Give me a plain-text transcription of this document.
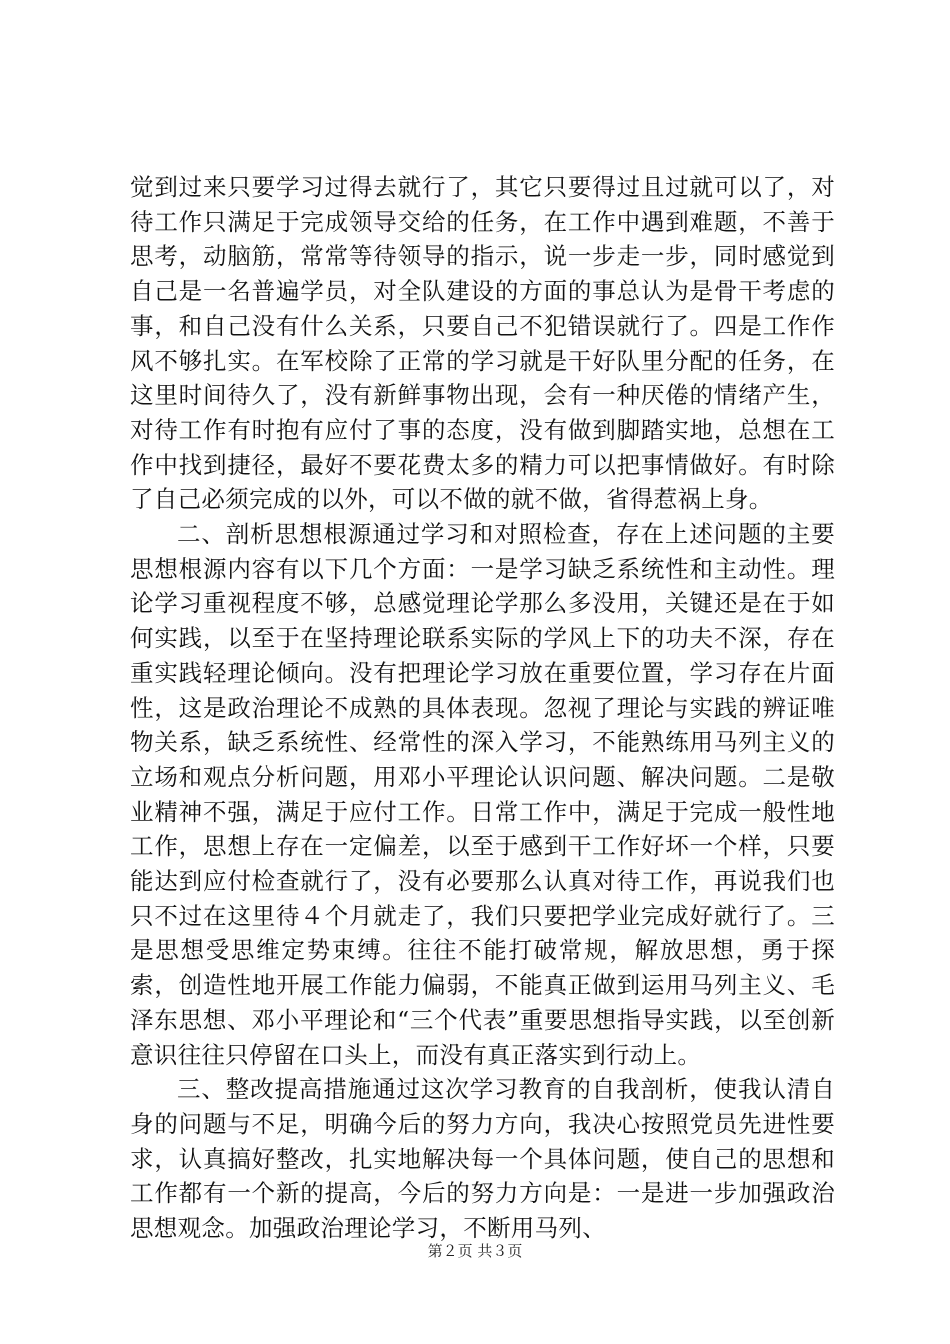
觉到过来只要学习过得去就行了，其它只要得过且过就可以了，对待工作只满足于完成领导交给的任务，在工作中遇到难题，不善于思考，动脑筋，常常等待领导的指示，说一步走一步，同时感觉到自己是一名普遍学员，对全队建设的方面的事总认为是骨干考虑的事，和自己没有什么关系，只要自己不犯错误就行了。四是工作作风不够扎实。在军校除了正常的学习就是干好队里分配的任务，在这里时间待久了，没有新鲜事物出现，会有一种厌倦的情绪产生，对待工作有时抱有应付了事的态度，没有做到脚踏实地，总想在工作中找到捷径，最好不要花费太多的精力可以把事情做好。有时除了自己必须完成的以外，可以不做的就不做，省得惹祸上身。

二、剖析思想根源通过学习和对照检查，存在上述问题的主要思想根源内容有以下几个方面：一是学习缺乏系统性和主动性。理论学习重视程度不够，总感觉理论学那么多没用，关键还是在于如何实践，以至于在坚持理论联系实际的学风上下的功夫不深，存在重实践轻理论倾向。没有把理论学习放在重要位置，学习存在片面性，这是政治理论不成熟的具体表现。忽视了理论与实践的辨证唯物关系，缺乏系统性、经常性的深入学习，不能熟练用马列主义的立场和观点分析问题，用邓小平理论认识问题、解决问题。二是敬业精神不强，满足于应付工作。日常工作中，满足于完成一般性地工作，思想上存在一定偏差，以至于感到干工作好坏一个样，只要能达到应付检查就行了，没有必要那么认真对待工作，再说我们也只不过在这里待４个月就走了，我们只要把学业完成好就行了。三是思想受思维定势束缚。往往不能打破常规，解放思想，勇于探索，创造性地开展工作能力偏弱，不能真正做到运用马列主义、毛泽东思想、邓小平理论和“三个代表”重要思想指导实践，以至创新意识往往只停留在口头上，而没有真正落实到行动上。

三、整改提高措施通过这次学习教育的自我剖析，使我认清自身的问题与不足，明确今后的努力方向，我决心按照党员先进性要求，认真搞好整改，扎实地解决每一个具体问题，使自己的思想和工作都有一个新的提高，今后的努力方向是：一是进一步加强政治思想观念。加强政治理论学习，不断用马列、

第２页 共３页
